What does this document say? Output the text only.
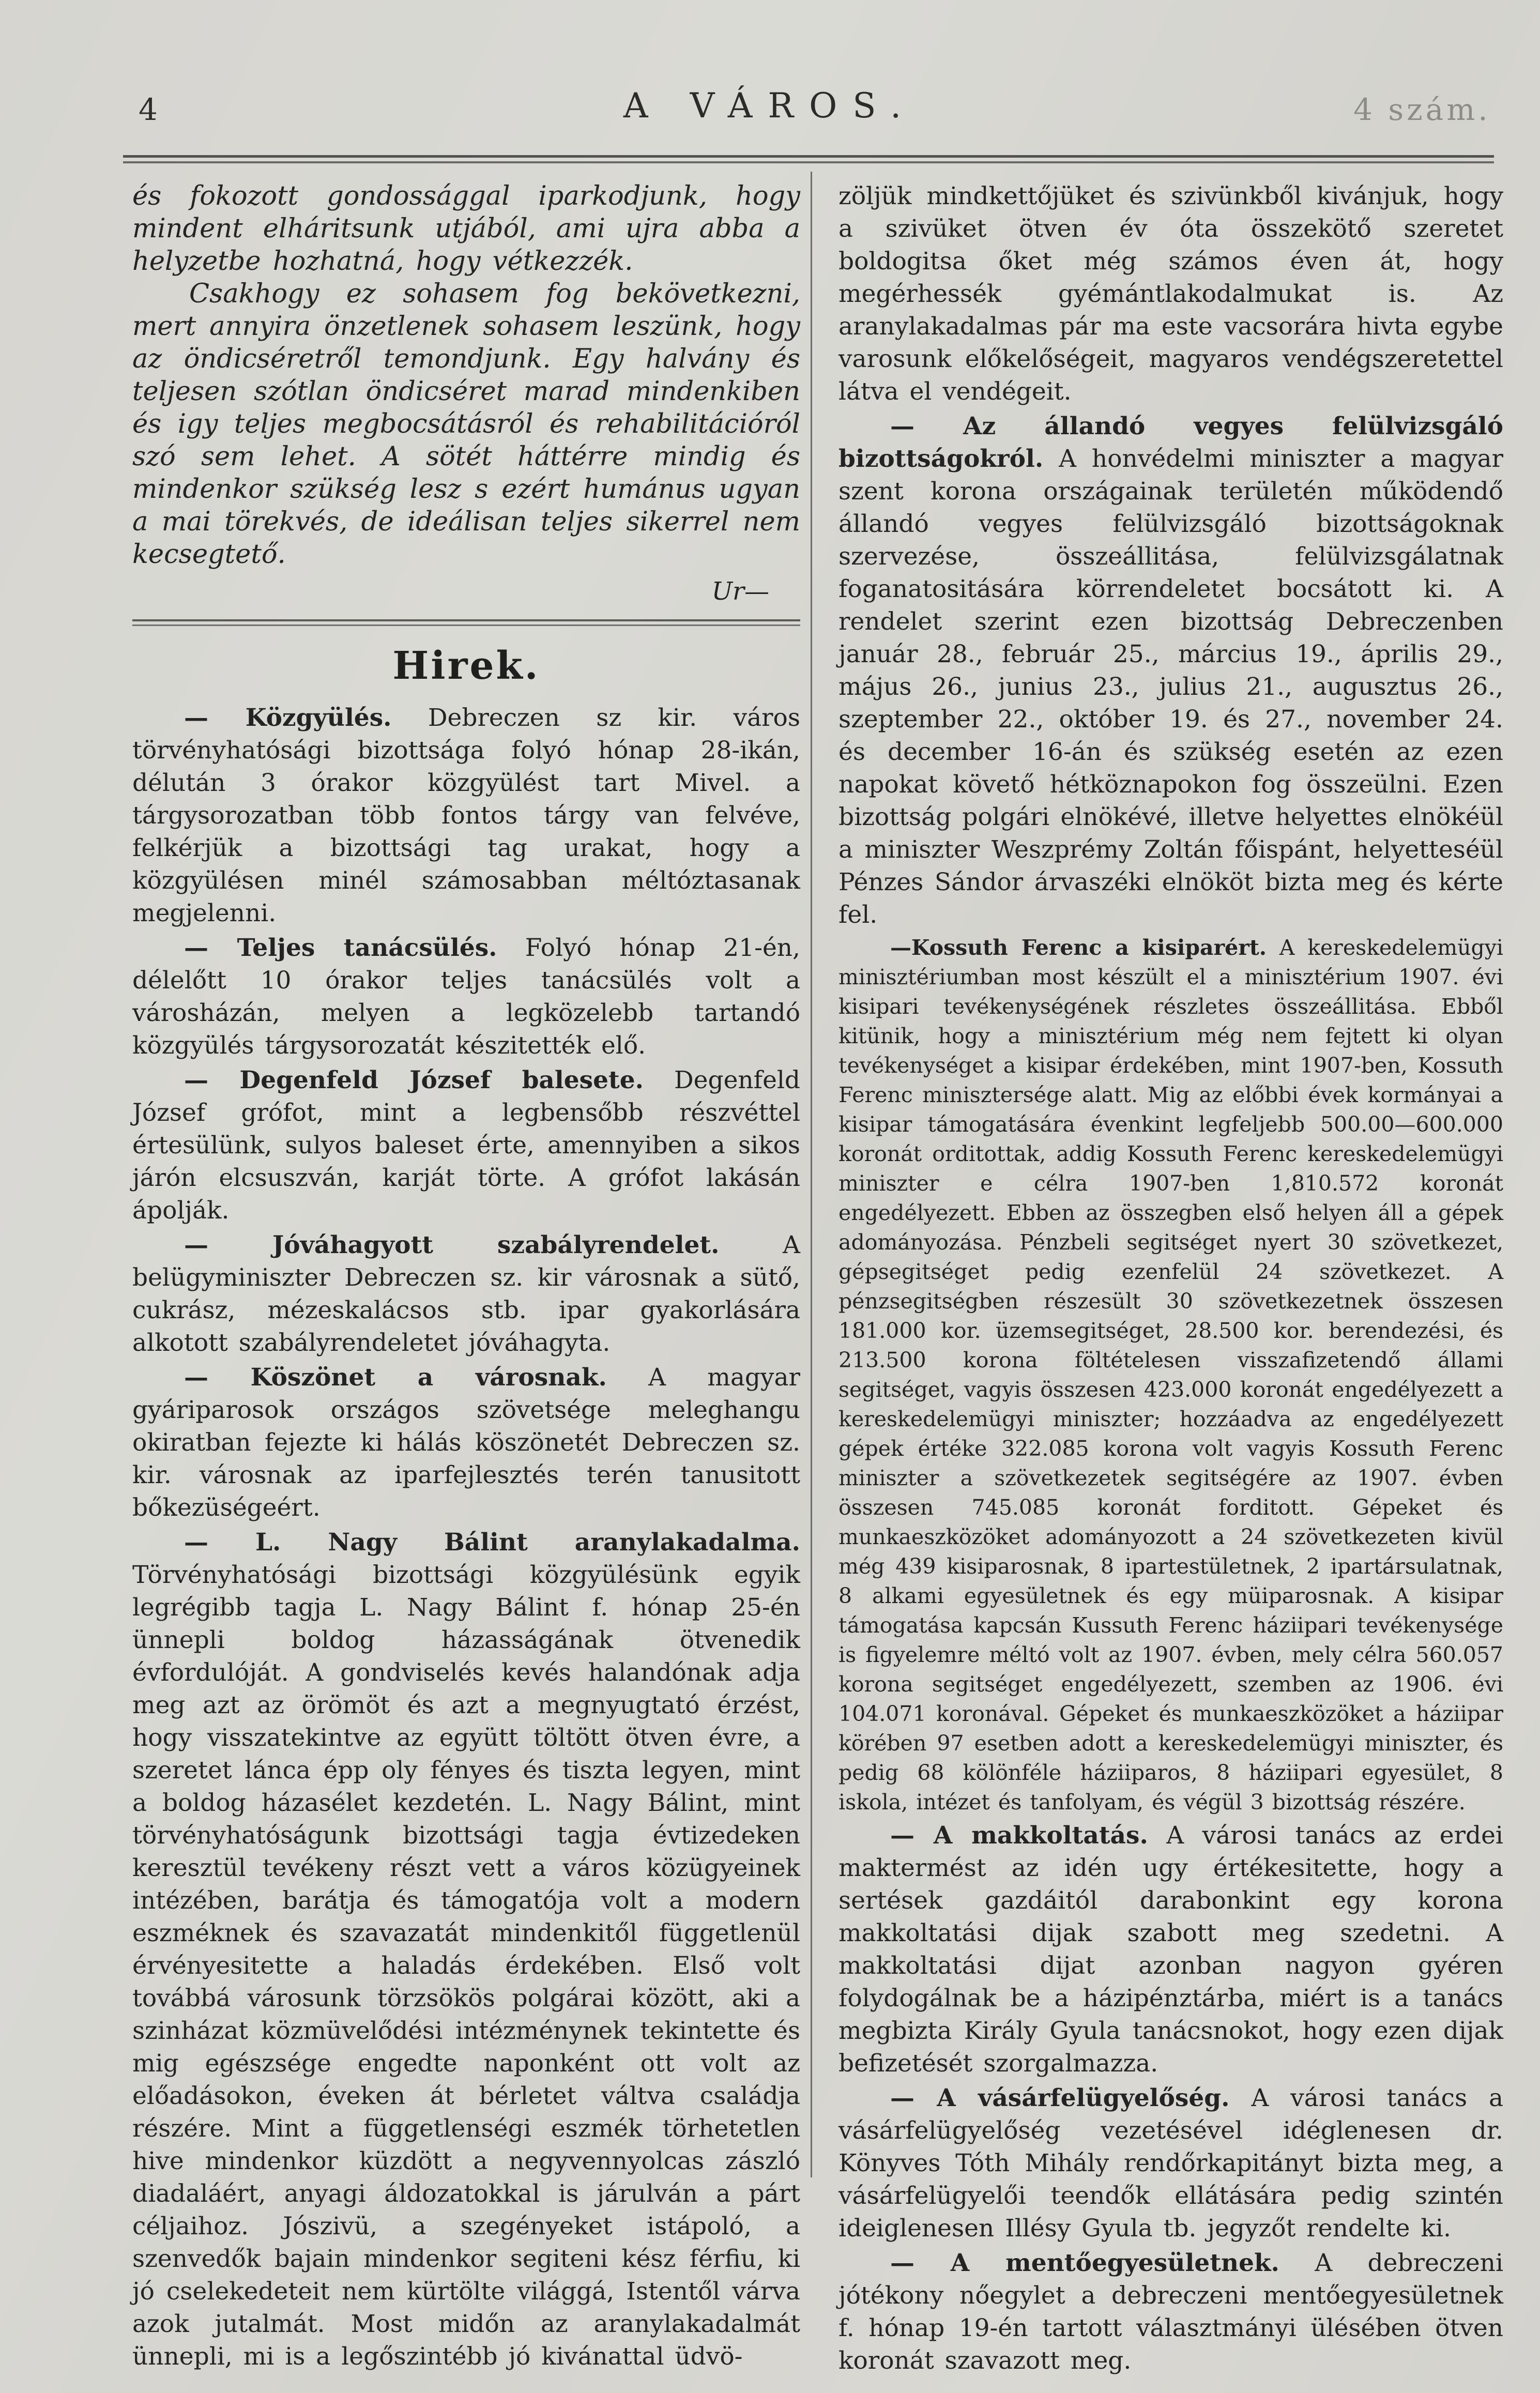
4	A VÁROS.	4 szám.

és fokozott gondossággal iparkodjunk, hogy mindent elháritsunk utjából, ami ujra abba a helyzetbe hozhatná, hogy vétkezzék.

Csakhogy ez sohasem fog bekövetkezni, mert annyira önzetlenek sohasem leszünk, hogy az öndicséretről temondjunk. Egy halvány és teljesen szótlan öndicséret marad mindenkiben és igy teljes megbocsátásról és rehabilitációról szó sem lehet. A sötét háttérre mindig és mindenkor szükség lesz s ezért humánus ugyan a mai törekvés, de ideálisan teljes sikerrel nem kecsegtető.

Ur—

Hirek.

— Közgyülés. Debreczen sz kir. város törvényhatósági bizottsága folyó hónap 28-ikán, délután 3 órakor közgyülést tart Mivel. a tárgysorozatban több fontos tárgy van felvéve, felkérjük a bizottsági tag urakat, hogy a közgyülésen minél számosabban méltóztasanak megjelenni.

— Teljes tanácsülés. Folyó hónap 21-én, délelőtt 10 órakor teljes tanácsülés volt a városházán, melyen a legközelebb tartandó közgyülés tárgysorozatát készitették elő.

— Degenfeld József balesete. Degenfeld József grófot, mint a legbensőbb részvéttel értesülünk, sulyos baleset érte, amennyiben a sikos járón elcsuszván, karját törte. A grófot lakásán ápolják.

— Jóváhagyott szabályrendelet.	A belügyminiszter Debreczen sz. kir városnak a sütő, cukrász, mézeskalácsos stb. ipar gyakorlására alkotott szabályrendeletet jóváhagyta.

— Köszönet a városnak. A magyar gyáriparosok országos szövetsége meleghangu okiratban fejezte ki hálás köszönetét Debreczen sz. kir. városnak az iparfejlesztés terén tanusitott bőkezüségeért.

— L. Nagy Bálint aranylakadalma. Törvényhatósági bizottsági közgyülésünk egyik legrégibb tagja L. Nagy Bálint f. hónap 25-én ünnepli boldog házasságának ötvenedik évfordulóját. A gondviselés kevés halandónak adja meg azt az örömöt és azt a megnyugtató érzést, hogy visszatekintve az együtt töltött ötven évre, a szeretet lánca épp oly fényes és tiszta legyen, mint a boldog házasélet kezdetén. L. Nagy Bálint, mint törvényhatóságunk bizottsági tagja évtizedeken keresztül tevékeny részt vett a város közügyeinek intézében, barátja és támogatója volt a modern eszméknek és szavazatát mindenkitől függetlenül érvényesitette a haladás érdekében. Első volt továbbá városunk törzsökös polgárai között, aki a szinházat közmüvelődési intézménynek tekintette és mig egészsége engedte naponként ott volt az előadásokon, éveken át bérletet váltva családja részére. Mint a függetlenségi eszmék törhetetlen hive mindenkor küzdött a negyvennyolcas zászló diadaláért, anyagi áldozatokkal is járulván a párt céljaihoz. Jószivü, a szegényeket istápoló, a szenvedők bajain mindenkor segiteni kész férfiu, ki jó cselekedeteit nem kürtölte világgá, Istentől várva azok jutalmát. Most midőn az aranylakadalmát ünnepli, mi is a legőszintébb jó kivánattal üdvö-

zöljük mindkettőjüket és szivünkből kivánjuk, hogy a szivüket ötven év óta összekötő szeretet boldogitsa őket még számos éven át, hogy megérhessék gyémántlakodalmukat is. Az aranylakadalmas pár ma este vacsorára hivta egybe varosunk előkelőségeit, magyaros vendégszeretettel látva el vendégeit.

— Az állandó vegyes felülvizsgáló bizottságokról. A honvédelmi miniszter a magyar szent korona országainak területén működendő állandó vegyes felülvizsgáló bizottságoknak szervezése, összeállitása, felülvizsgálatnak foganatositására körrendeletet bocsátott ki. A rendelet szerint ezen bizottság Debreczenben január 28., február 25., március 19., április 29., május 26., junius 23., julius 21., augusztus 26., szeptember 22., október 19. és 27., november 24. és december 16-án és szükség esetén az ezen napokat követő hétköznapokon fog összeülni. Ezen bizottság polgári elnökévé, illetve helyettes elnökéül a miniszter Weszprémy Zoltán főispánt, helyetteséül Pénzes Sándor árvaszéki elnököt bizta meg és kérte fel.

—Kossuth Ferenc a kisiparért. A kereskedelemügyi minisztériumban most készült el a minisztérium 1907. évi kisipari tevékenységének részletes összeállitása. Ebből kitünik, hogy a minisztérium még nem fejtett ki olyan tevékenységet a kisipar érdekében, mint 1907-ben, Kossuth Ferenc minisztersége alatt. Mig az előbbi évek kormányai a kisipar támogatására évenkint legfeljebb 500.00—600.000 koronát orditottak, addig Kossuth Ferenc kereskedelemügyi miniszter e célra 1907-ben 1,810.572 koronát engedélyezett. Ebben az összegben első helyen áll a gépek adományozása. Pénzbeli segitséget nyert 30 szövetkezet, gépsegitséget pedig ezenfelül 24 szövetkezet. A pénzsegitségben részesült 30 szövetkezetnek összesen 181.000 kor. üzemsegitséget, 28.500 kor. berendezési, és 213.500 korona föltételesen visszafizetendő állami segitséget, vagyis összesen 423.000 koronát engedélyezett a kereskedelemügyi miniszter; hozzáadva az engedélyezett gépek értéke 322.085 korona volt vagyis Kossuth Ferenc miniszter a szövetkezetek segitségére az 1907. évben összesen 745.085 koronát forditott. Gépeket és munkaeszközöket adományozott a 24 szövetkezeten kivül még 439 kisiparosnak, 8 ipartestületnek, 2 ipartársulatnak, 8 alkami egyesületnek és egy müiparosnak. A kisipar támogatása kapcsán Kussuth Ferenc háziipari tevékenysége is figyelemre méltó volt az 1907. évben, mely célra 560.057 korona segitséget engedélyezett, szemben az 1906. évi 104.071 koronával. Gépeket és munkaeszközöket a háziipar körében 97 esetben adott a kereskedelemügyi miniszter, és pedig 68 kölönféle háziiparos, 8 háziipari egyesület, 8 iskola, intézet és tanfolyam, és végül 3 bizottság részére.

— A makkoltatás. A városi tanács az erdei maktermést az idén ugy értékesitette, hogy a sertések gazdáitól darabonkint egy korona makkoltatási dijak szabott meg szedetni. A makkoltatási dijat azonban nagyon gyéren folydogálnak be a házipénztárba, miért is a tanács megbizta Király Gyula tanácsnokot, hogy ezen dijak befizetését szorgalmazza.

— A vásárfelügyelőség. A városi tanács a vásárfelügyelőség vezetésével idéglenesen dr. Könyves Tóth Mihály rendőrkapitányt bizta meg, a vásárfelügyelői teendők ellátására pedig szintén ideiglenesen Illésy Gyula tb. jegyzőt rendelte ki.

— A mentőegyesületnek. A debreczeni jótékony nőegylet a debreczeni mentőegyesületnek f. hónap 19-én tartott választmányi ülésében ötven koronát szavazott meg.
